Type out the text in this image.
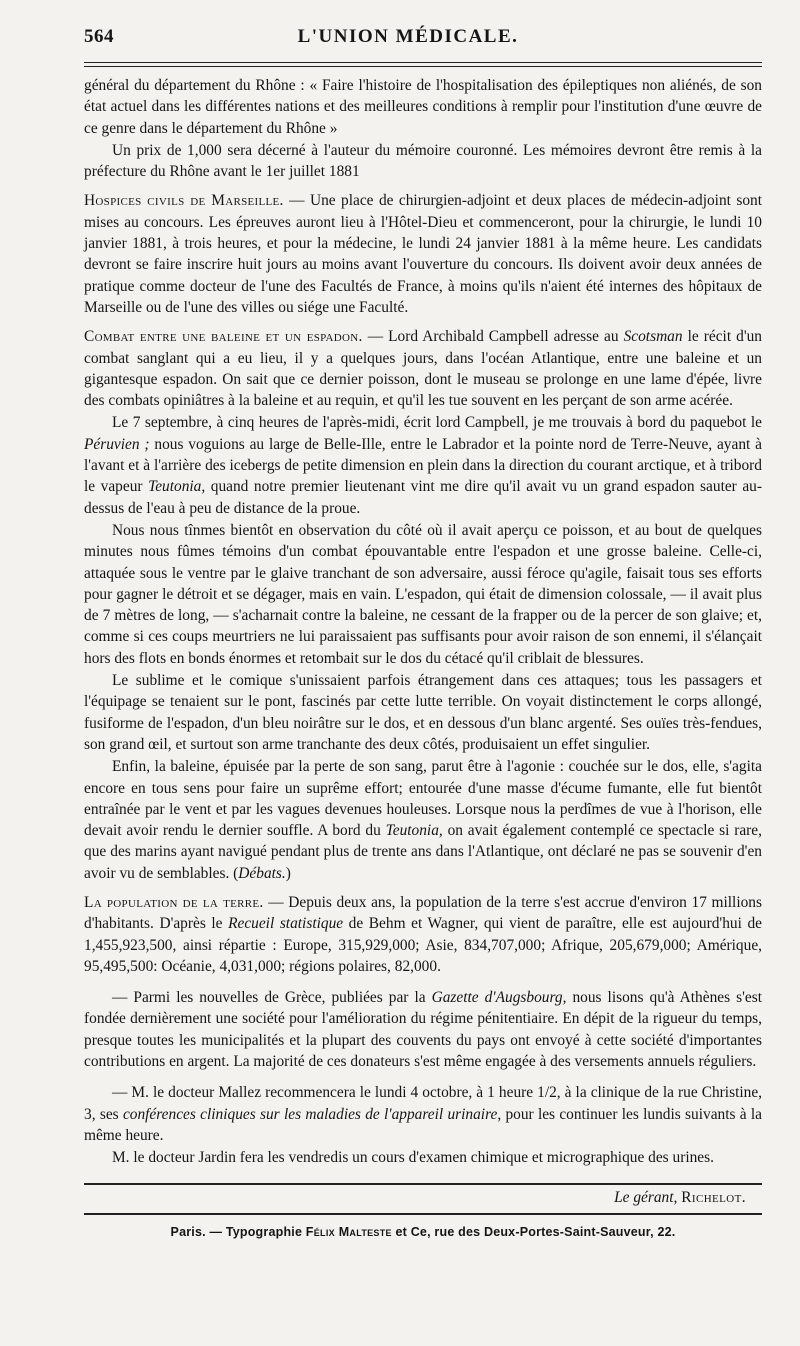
564	L'UNION MÉDICALE.

général du département du Rhône : « Faire l'histoire de l'hospitalisation des épileptiques non aliénés, de son état actuel dans les différentes nations et des meilleures conditions à remplir pour l'institution d'une œuvre de ce genre dans le département du Rhône »

Un prix de 1,000 sera décerné à l'auteur du mémoire couronné. Les mémoires devront être remis à la préfecture du Rhône avant le 1er juillet 1881

Hospices civils de Marseille. — Une place de chirurgien-adjoint et deux places de médecin-adjoint sont mises au concours. Les épreuves auront lieu à l'Hôtel-Dieu et commenceront, pour la chirurgie, le lundi 10 janvier 1881, à trois heures, et pour la médecine, le lundi 24 janvier 1881 à la même heure. Les candidats devront se faire inscrire huit jours au moins avant l'ouverture du concours. Ils doivent avoir deux années de pratique comme docteur de l'une des Facultés de France, à moins qu'ils n'aient été internes des hôpitaux de Marseille ou de l'une des villes ou siége une Faculté.

Combat entre une baleine et un espadon. — Lord Archibald Campbell adresse au Scotsman le récit d'un combat sanglant qui a eu lieu, il y a quelques jours, dans l'océan Atlantique, entre une baleine et un gigantesque espadon. On sait que ce dernier poisson, dont le museau se prolonge en une lame d'épée, livre des combats opiniâtres à la baleine et au requin, et qu'il les tue souvent en les perçant de son arme acérée.

Le 7 septembre, à cinq heures de l'après-midi, écrit lord Campbell, je me trouvais à bord du paquebot le Péruvien ; nous voguions au large de Belle-Ille, entre le Labrador et la pointe nord de Terre-Neuve, ayant à l'avant et à l'arrière des icebergs de petite dimension en plein dans la direction du courant arctique, et à tribord le vapeur Teutonia, quand notre premier lieutenant vint me dire qu'il avait vu un grand espadon sauter au-dessus de l'eau à peu de distance de la proue.

Nous nous tînmes bientôt en observation du côté où il avait aperçu ce poisson, et au bout de quelques minutes nous fûmes témoins d'un combat épouvantable entre l'espadon et une grosse baleine. Celle-ci, attaquée sous le ventre par le glaive tranchant de son adversaire, aussi féroce qu'agile, faisait tous ses efforts pour gagner le détroit et se dégager, mais en vain. L'espadon, qui était de dimension colossale, — il avait plus de 7 mètres de long, — s'acharnait contre la baleine, ne cessant de la frapper ou de la percer de son glaive; et, comme si ces coups meurtriers ne lui paraissaient pas suffisants pour avoir raison de son ennemi, il s'élançait hors des flots en bonds énormes et retombait sur le dos du cétacé qu'il criblait de blessures.

Le sublime et le comique s'unissaient parfois étrangement dans ces attaques; tous les passagers et l'équipage se tenaient sur le pont, fascinés par cette lutte terrible. On voyait distinctement le corps allongé, fusiforme de l'espadon, d'un bleu noirâtre sur le dos, et en dessous d'un blanc argenté. Ses ouïes très-fendues, son grand œil, et surtout son arme tranchante des deux côtés, produisaient un effet singulier.

Enfin, la baleine, épuisée par la perte de son sang, parut être à l'agonie : couchée sur le dos, elle, s'agita encore en tous sens pour faire un suprême effort; entourée d'une masse d'écume fumante, elle fut bientôt entraînée par le vent et par les vagues devenues houleuses. Lorsque nous la perdîmes de vue à l'horison, elle devait avoir rendu le dernier souffle. A bord du Teutonia, on avait également contemplé ce spectacle si rare, que des marins ayant navigué pendant plus de trente ans dans l'Atlantique, ont déclaré ne pas se souvenir d'en avoir vu de semblables. (Débats.)

La population de la terre. — Depuis deux ans, la population de la terre s'est accrue d'environ 17 millions d'habitants. D'après le Recueil statistique de Behm et Wagner, qui vient de paraître, elle est aujourd'hui de 1,455,923,500, ainsi répartie : Europe, 315,929,000; Asie, 834,707,000; Afrique, 205,679,000; Amérique, 95,495,500: Océanie, 4,031,000; régions polaires, 82,000.

— Parmi les nouvelles de Grèce, publiées par la Gazette d'Augsbourg, nous lisons qu'à Athènes s'est fondée dernièrement une société pour l'amélioration du régime pénitentiaire. En dépit de la rigueur du temps, presque toutes les municipalités et la plupart des couvents du pays ont envoyé à cette société d'importantes contributions en argent. La majorité de ces donateurs s'est même engagée à des versements annuels réguliers.

— M. le docteur Mallez recommencera le lundi 4 octobre, à 1 heure 1/2, à la clinique de la rue Christine, 3, ses conférences cliniques sur les maladies de l'appareil urinaire, pour les continuer les lundis suivants à la même heure.

M. le docteur Jardin fera les vendredis un cours d'examen chimique et micrographique des urines.

Le gérant, Richelot.
Paris. — Typographie Félix Malteste et Ce, rue des Deux-Portes-Saint-Sauveur, 22.
